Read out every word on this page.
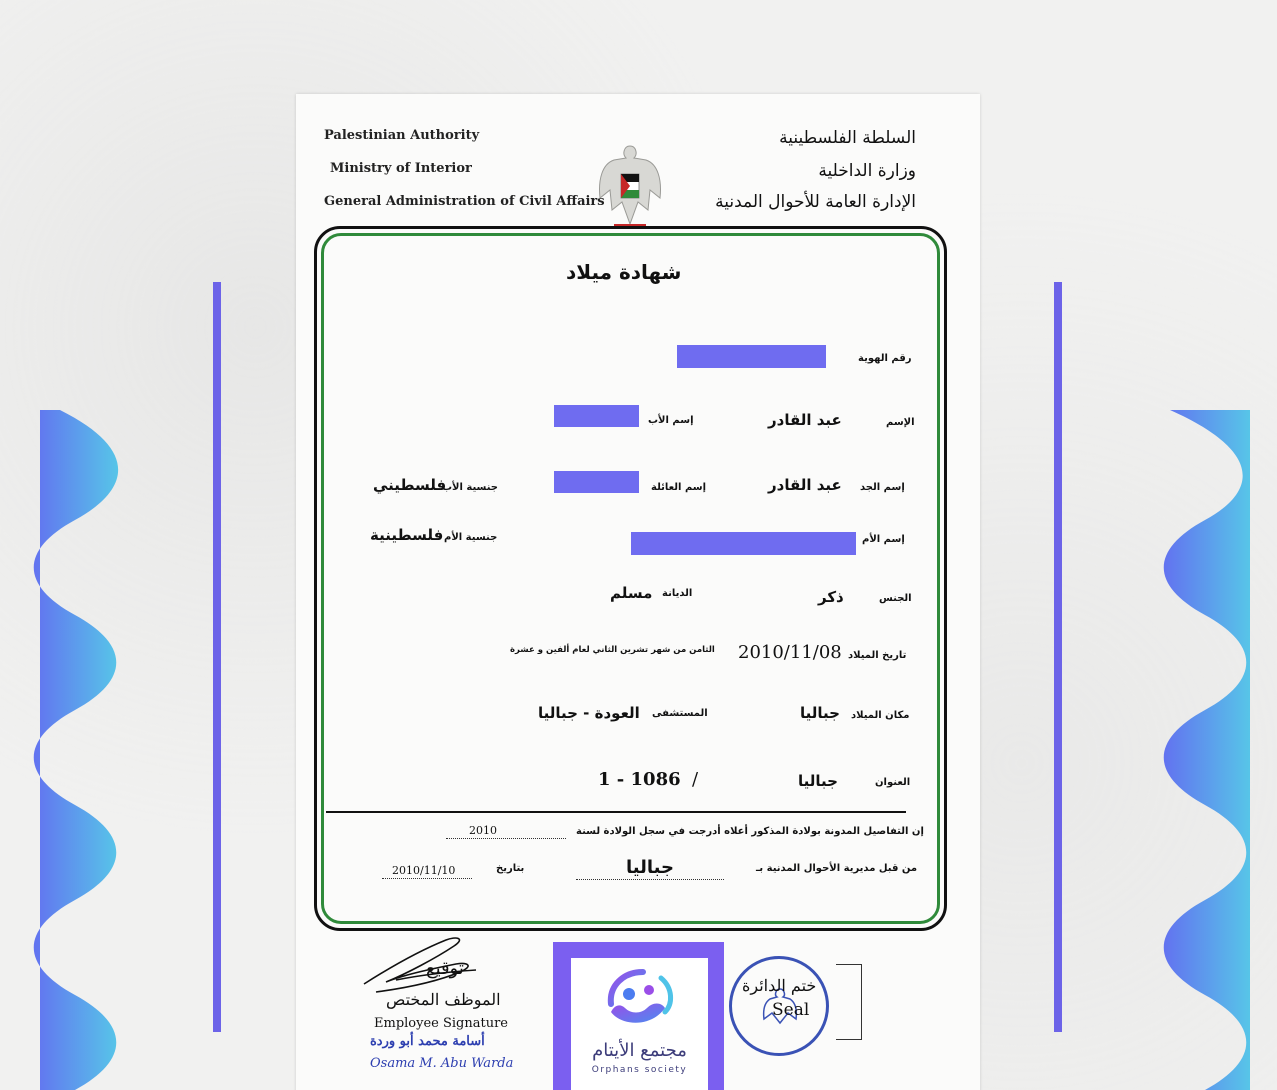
Palestinian Authority
Ministry of Interior
General Administration of Civil Affairs
السلطة الفلسطينية
وزارة الداخلية
الإدارة العامة للأحوال المدنية
شهادة ميلاد
رقم الهوية
الإسم
عبد القادر
إسم الأب
إسم الجد
عبد القادر
إسم العائلة
جنسية الأب
فلسطيني
إسم الأم
جنسية الأم
فلسطينية
الجنس
ذكر
الديانة
مسلم
تاريخ الميلاد
2010/11/08
الثامن من شهر تشرين الثاني لعام ألفين و عشرة
مكان الميلاد
جباليا
المستشفى
العودة - جباليا
العنوان
جباليا
/
1 - 1086
إن التفاصيل المدونة بولادة المذكور أعلاه أدرجت في سجل الولادة لسنة
2010
من قبل مديرية الأحوال المدنية بـ
جباليا
بتاريخ
2010/11/10
توقيع
الموظف المختص
Employee Signature
أسامة محمد أبو وردة
Osama M. Abu Warda
ختم الدائرة
Seal
مجتمع الأيتام
Orphans society
